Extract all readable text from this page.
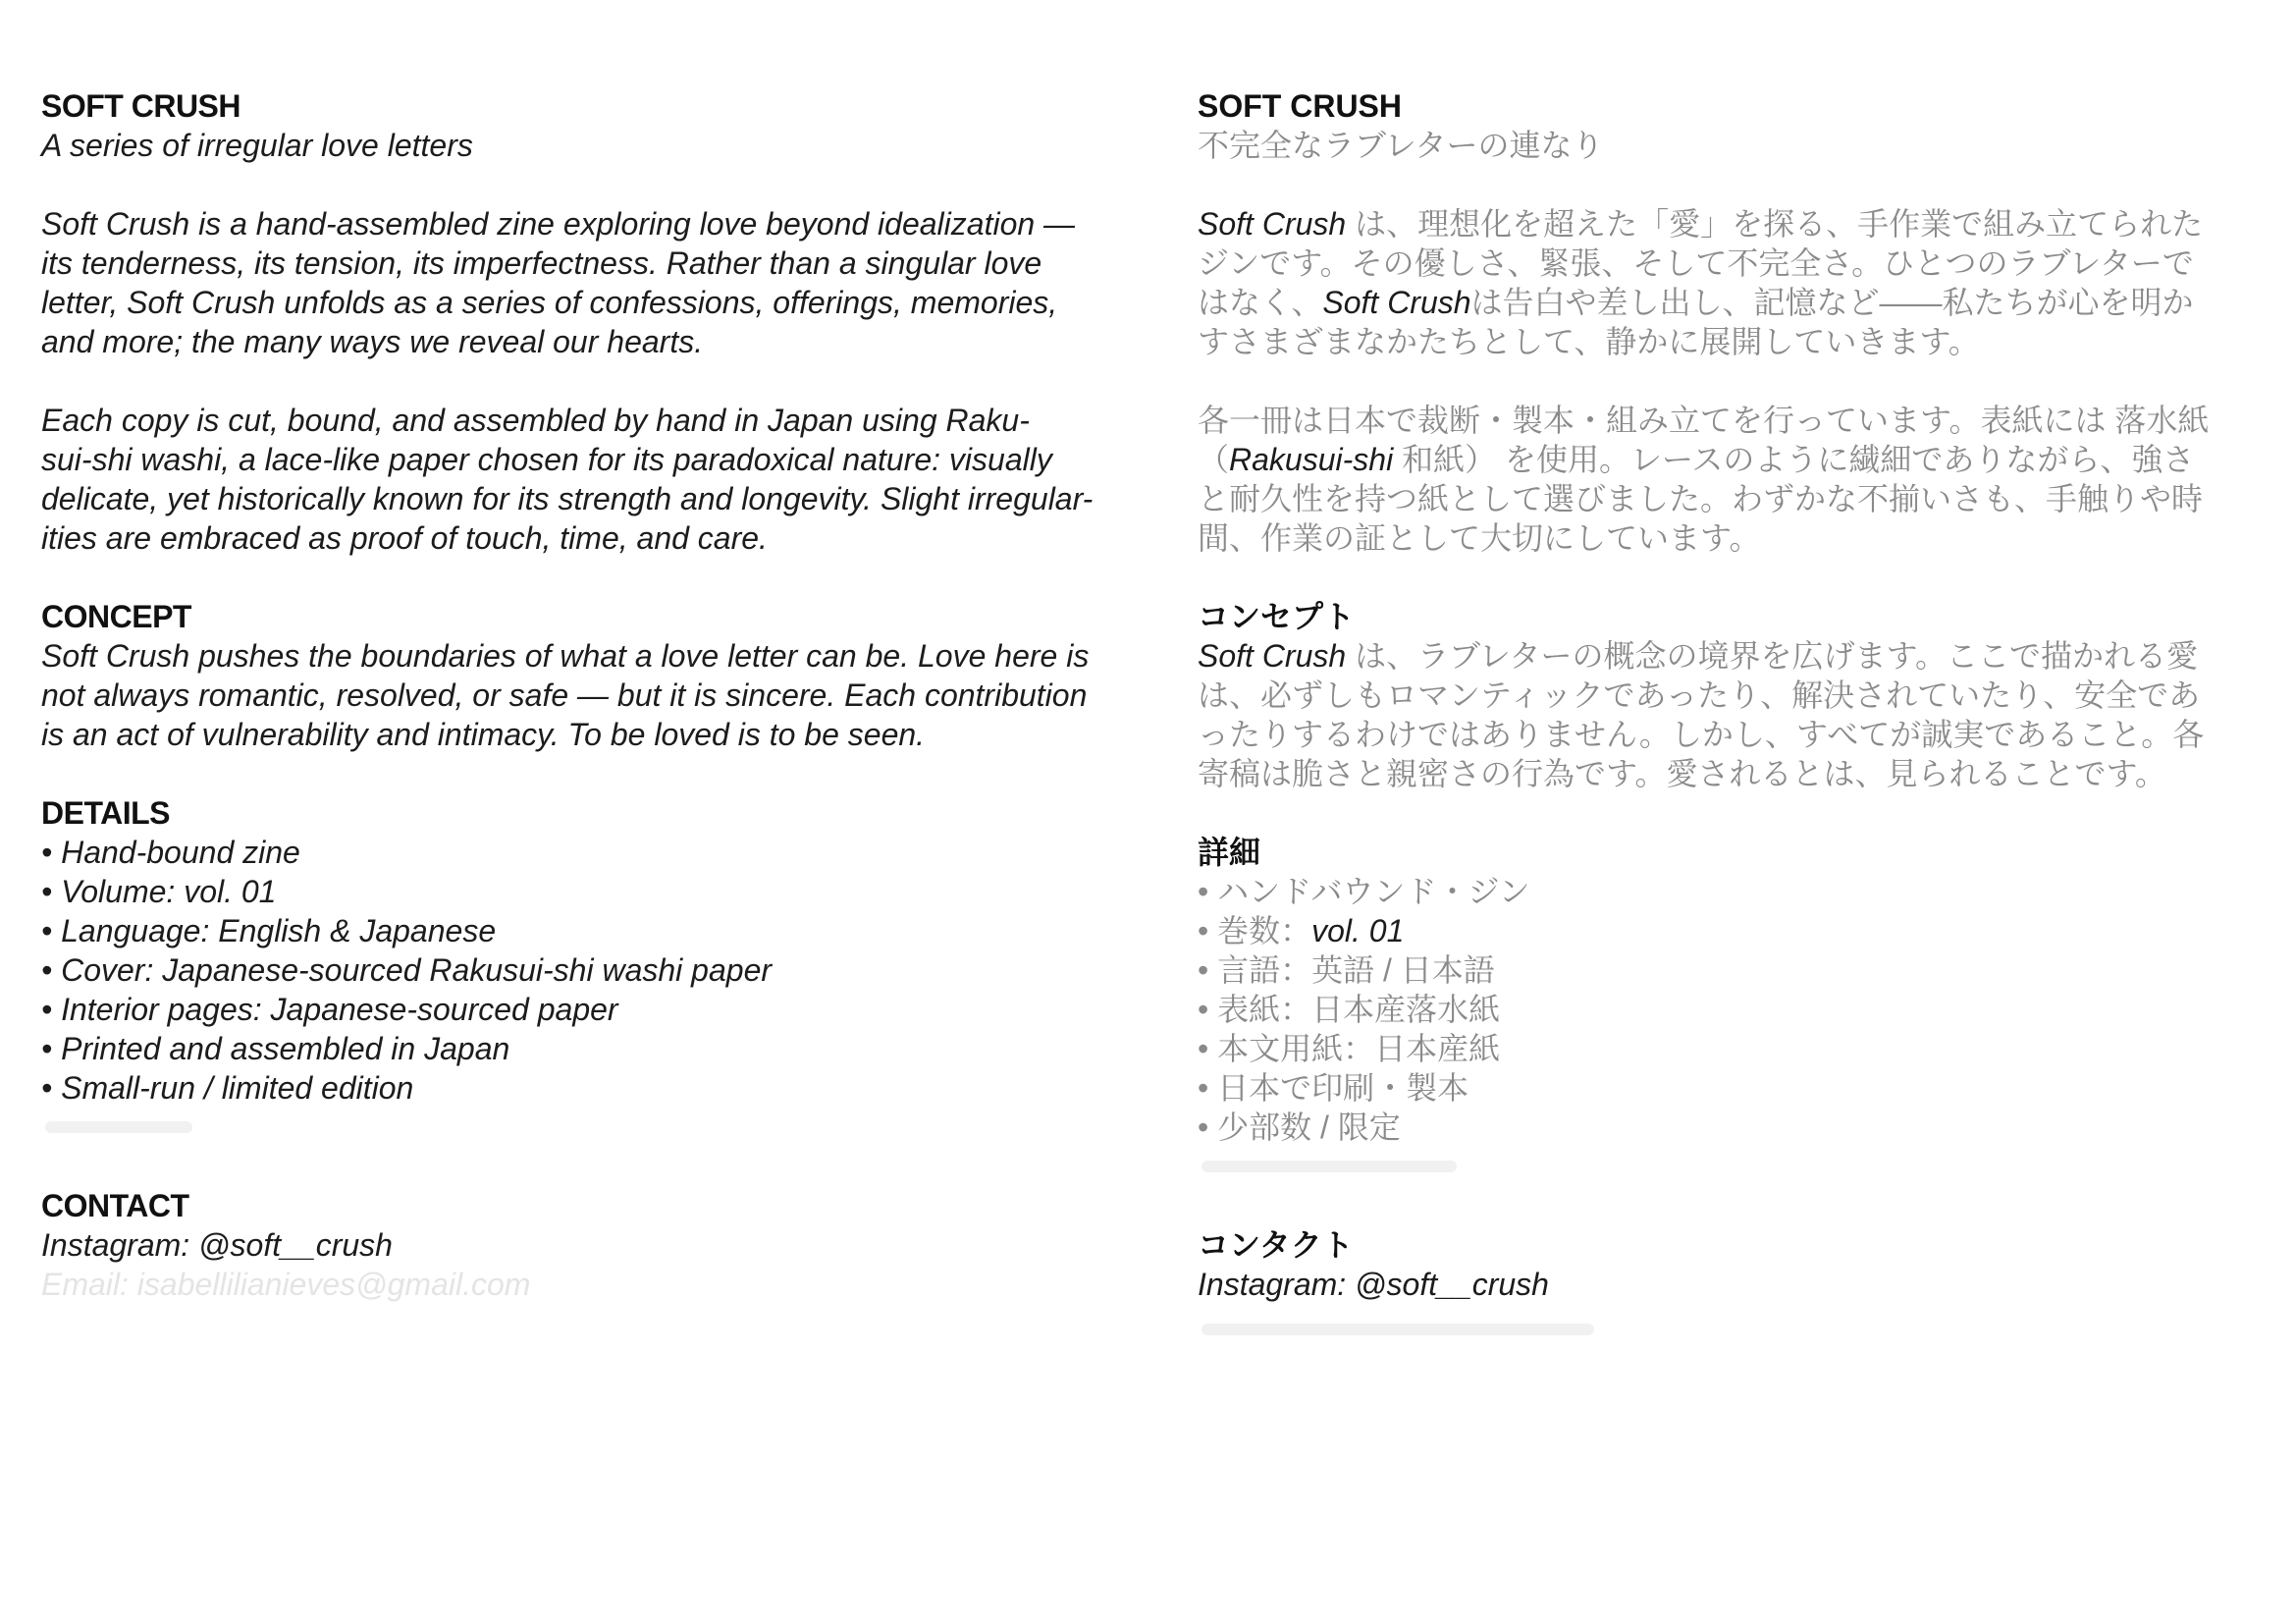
SOFT CRUSH
A series of irregular love letters
Soft Crush is a hand-assembled zine exploring love beyond idealization —
its tenderness, its tension, its imperfectness. Rather than a singular love
letter, Soft Crush unfolds as a series of confessions, offerings, memories,
and more; the many ways we reveal our hearts.
Each copy is cut, bound, and assembled by hand in Japan using Raku-
sui-shi washi, a lace-like paper chosen for its paradoxical nature: visually
delicate, yet historically known for its strength and longevity. Slight irregular-
ities are embraced as proof of touch, time, and care.
CONCEPT
Soft Crush pushes the boundaries of what a love letter can be. Love here is
not always romantic, resolved, or safe — but it is sincere. Each contribution
is an act of vulnerability and intimacy. To be loved is to be seen.
DETAILS
• Hand-bound zine
• Volume: vol. 01
• Language: English & Japanese
• Cover: Japanese-sourced Rakusui-shi washi paper
• Interior pages: Japanese-sourced paper
• Printed and assembled in Japan
• Small-run / limited edition
CONTACT
Instagram: @soft__crush
Email: isabellilianieves@gmail.com
SOFT CRUSH
不完全なラブレターの連なり
Soft Crush は、理想化を超えた「愛」を探る、手作業で組み立てられた
ジンです。その優しさ、緊張、そして不完全さ。ひとつのラブレターで
はなく、Soft Crushは告白や差し出し、記憶など――私たちが心を明か
すさまざまなかたちとして、静かに展開していきます。
各一冊は日本で裁断・製本・組み立てを行っています。表紙には 落水紙
（Rakusui-shi 和紙） を使用。レースのように繊細でありながら、強さ
と耐久性を持つ紙として選びました。わずかな不揃いさも、手触りや時
間、作業の証として大切にしています。
コンセプト
Soft Crush は、ラブレターの概念の境界を広げます。ここで描かれる愛
は、必ずしもロマンティックであったり、解決されていたり、安全であ
ったりするわけではありません。しかし、すべてが誠実であること。各
寄稿は脆さと親密さの行為です。愛されるとは、見られることです。
詳細
• ハンドバウンド・ジン
• 巻数：vol. 01
• 言語：英語 / 日本語
• 表紙：日本産落水紙
• 本文用紙：日本産紙
• 日本で印刷・製本
• 少部数 / 限定
コンタクト
Instagram: @soft__crush
